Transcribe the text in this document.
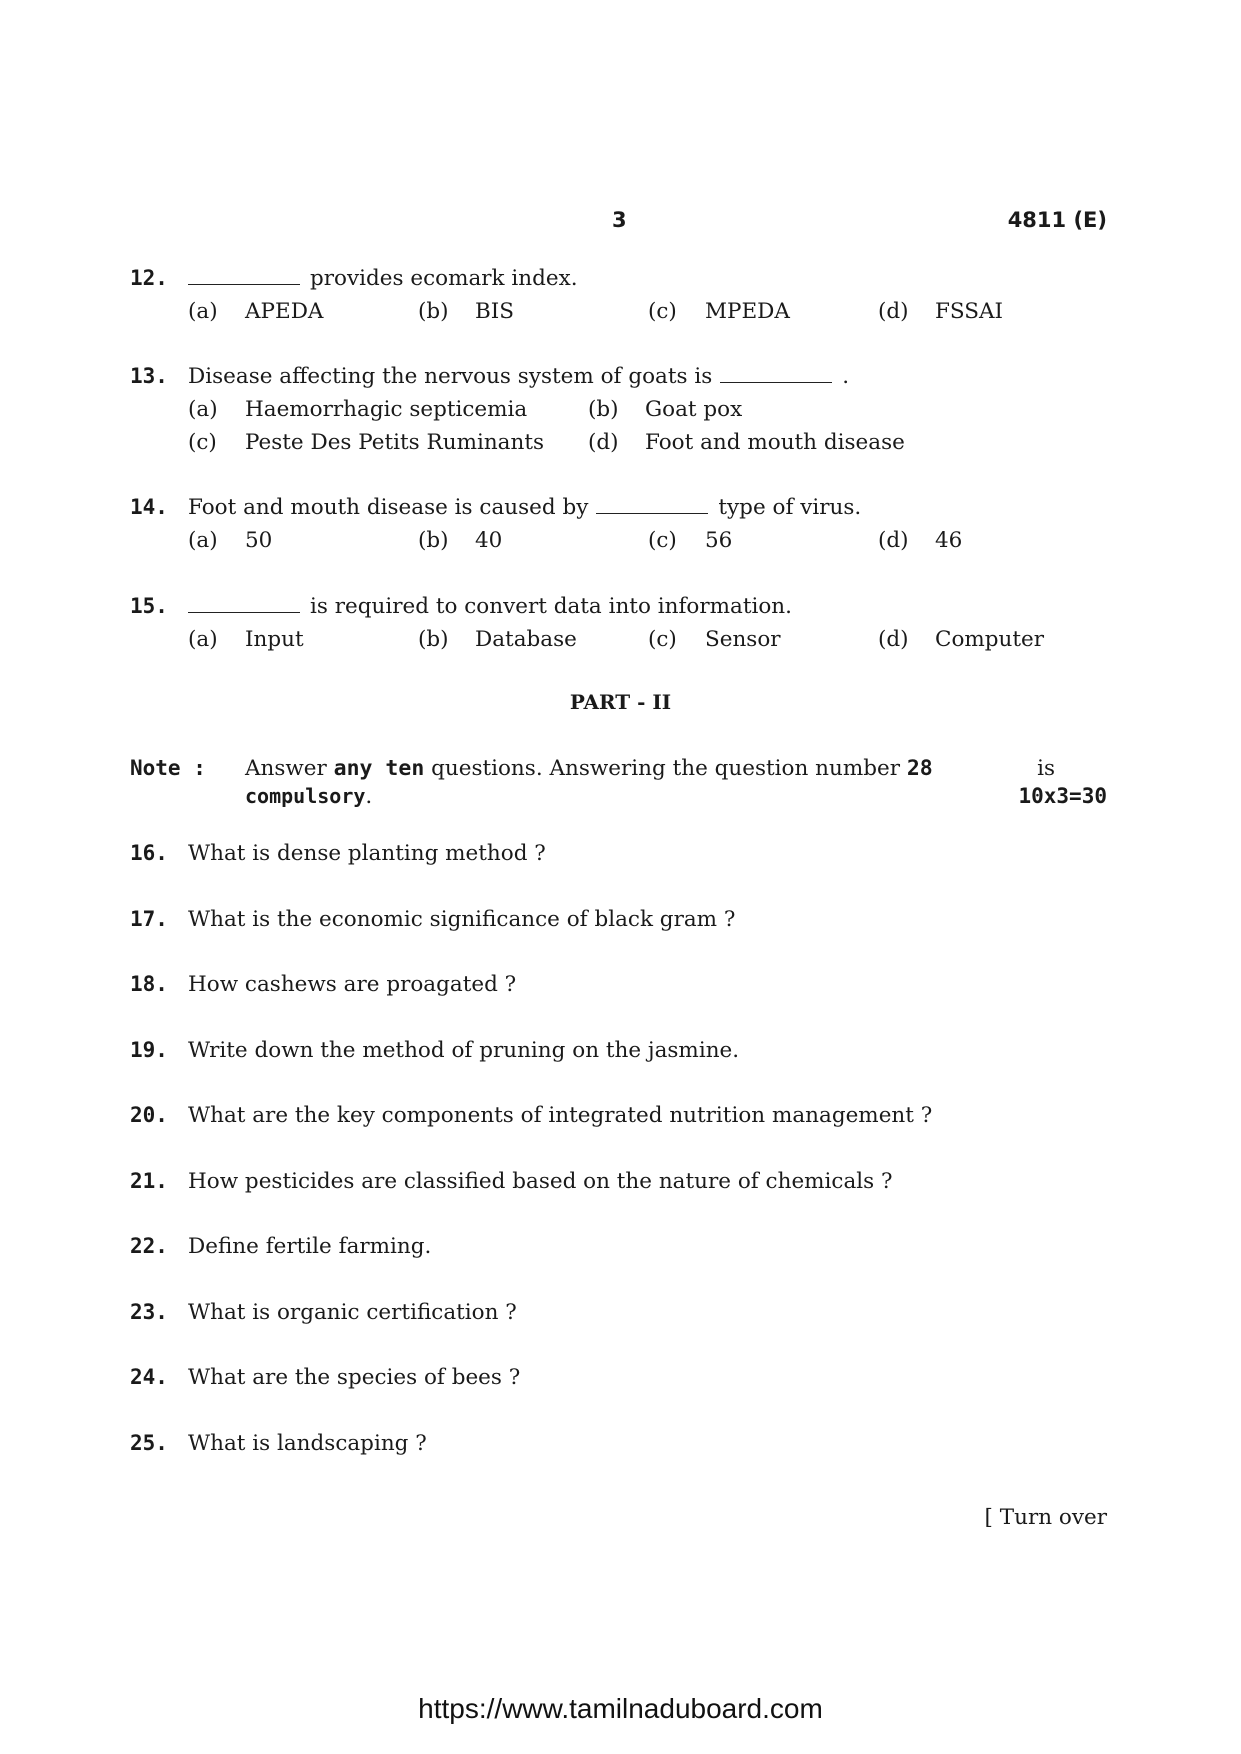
3	4811 (E)
12.	provides ecomark index.
(a) APEDA	(b) BIS	(c) MPEDA	(d) FSSAI
13. Disease affecting the nervous system of goats is	.
(a) Haemorrhagic septicemia	(b) Goat pox
(c) Peste Des Petits Ruminants (d) Foot and mouth disease
14. Foot and mouth disease is caused by	type of virus.
(a) 50	(b) 40	(c) 56	(d) 46
15.	is required to convert data into information.
(a) Input	(b) Database	(c) Sensor	(d) Computer
PART - II
Note : Answer any ten questions. Answering the question number 28	is
compulsory.	10x3=30
16. What is dense planting method ?
17. What is the economic significance of black gram ?
18. How cashews are proagated ?
19. Write down the method of pruning on the jasmine.
20. What are the key components of integrated nutrition management ?
21. How pesticides are classified based on the nature of chemicals ?
22. Define fertile farming.
23. What is organic certification ?
24. What are the species of bees ?
25. What is landscaping ?
[ Turn over
https://www.tamilnaduboard.com
